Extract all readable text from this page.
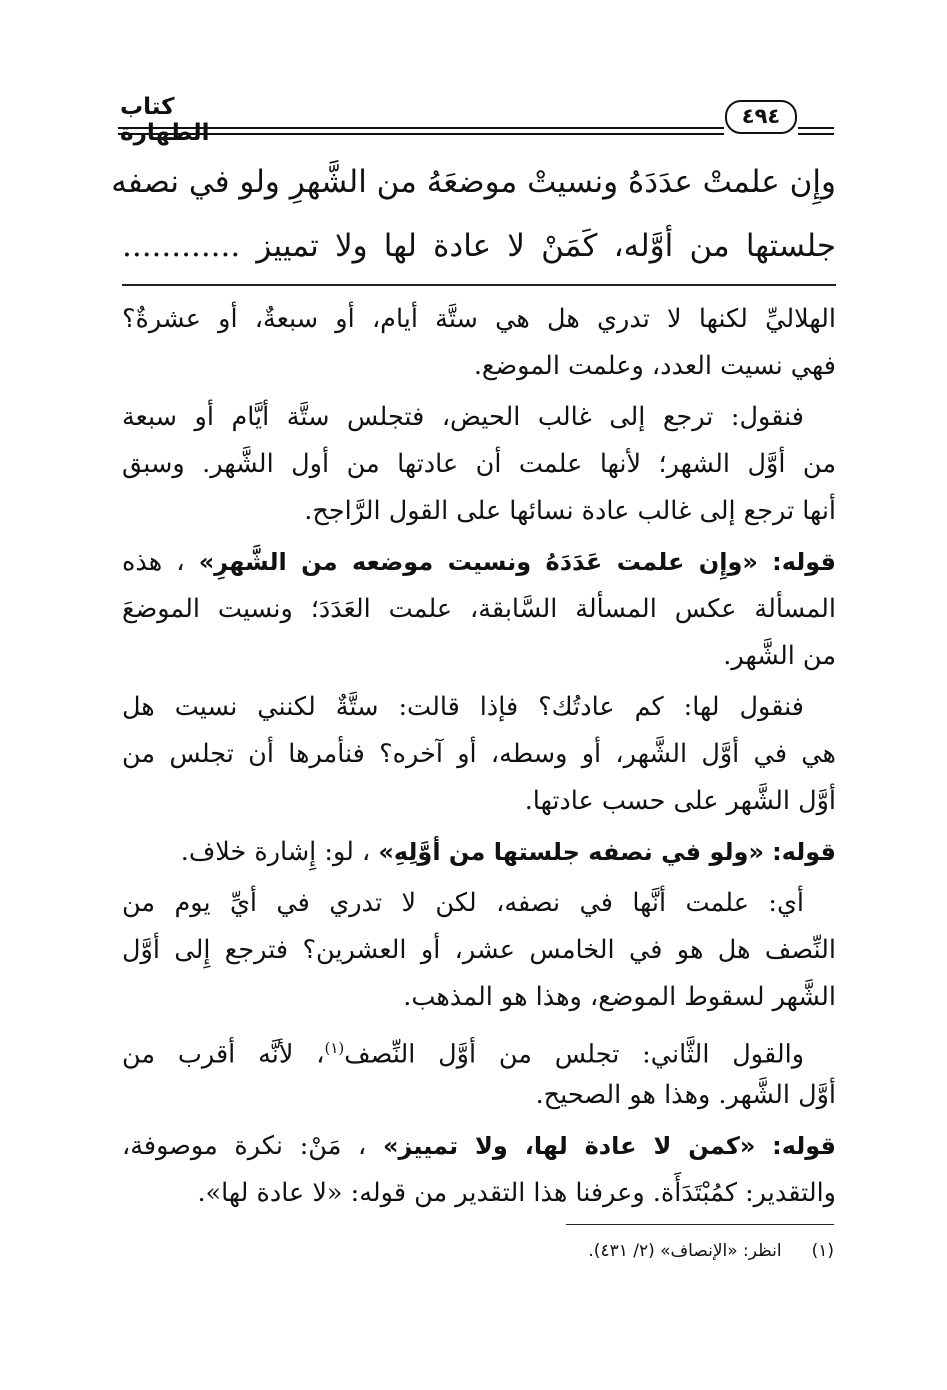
كتاب الطهارة
٤٩٤
وإِن علمتْ عدَدَهُ ونسيتْ موضعَهُ من الشَّهرِ ولو في نصفه
جلستها من أوَّله، كَمَنْ لا عادة لها ولا تمييز ............
الهلاليِّ لكنها لا تدري هل هي ستَّة أيام، أو سبعةٌ، أو عشرةٌ؟
فهي نسيت العدد، وعلمت الموضع.
فنقول: ترجع إلى غالب الحيض، فتجلس ستَّة أيَّام أو سبعة
من أوَّل الشهر؛ لأنها علمت أن عادتها من أول الشَّهر. وسبق
أنها ترجع إلى غالب عادة نسائها على القول الرَّاجح.
قوله: «وإِن علمت عَدَدَهُ ونسيت موضعه من الشَّهرِ» ، هذه
المسألة عكس المسألة السَّابقة، علمت العَدَدَ؛ ونسيت الموضعَ
من الشَّهر.
فنقول لها: كم عادتُك؟ فإذا قالت: ستَّةٌ لكنني نسيت هل
هي في أوَّل الشَّهر، أو وسطه، أو آخره؟ فنأمرها أن تجلس من
أوَّل الشَّهر على حسب عادتها.
قوله: «ولو في نصفه جلستها من أوَّلِهِ» ، لو: إِشارة خلاف.
أي: علمت أنَّها في نصفه، لكن لا تدري في أيِّ يوم من
النِّصف هل هو في الخامس عشر، أو العشرين؟ فترجع إِلى أوَّل
الشَّهر لسقوط الموضع، وهذا هو المذهب.
والقول الثَّاني: تجلس من أوَّل النِّصف$^{(١)}$، لأنَّه أقرب من
أوَّل الشَّهر. وهذا هو الصحيح.
قوله: «كمن لا عادة لها، ولا تمييز» ، مَنْ: نكرة موصوفة،
والتقدير: كمُبْتَدَأَة. وعرفنا هذا التقدير من قوله: «لا عادة لها».
(١)انظر: «الإنصاف» (٢/ ٤٣١).
